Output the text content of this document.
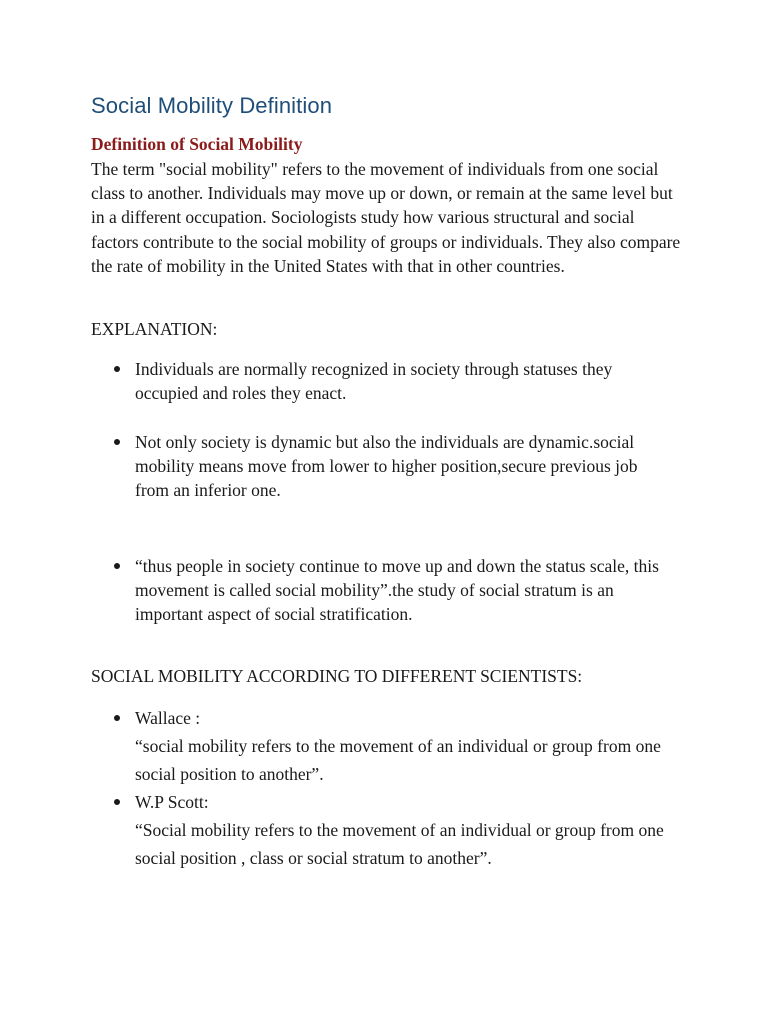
Social Mobility Definition
Definition of Social Mobility

The term "social mobility" refers to the movement of individuals from one social class to another. Individuals may move up or down, or remain at the same level but in a different occupation. Sociologists study how various structural and social factors contribute to the social mobility of groups or individuals. They also compare the rate of mobility in the United States with that in other countries.

EXPLANATION:

Individuals are normally recognized in society through statuses they occupied and roles they enact.
Not only society is dynamic but also the individuals are dynamic.social mobility means move from lower to higher position,secure previous job from an inferior one.
“thus people in society continue to move up and down the status scale, this movement is called social mobility”.the study of social stratum is an important aspect of social stratification.

SOCIAL MOBILITY ACCORDING TO DIFFERENT SCIENTISTS:

Wallace :
“social mobility refers to the movement of an individual or group from one social position to another”.
W.P Scott:
“Social mobility refers to the movement of an individual or group from one social position , class or social stratum to another”.
